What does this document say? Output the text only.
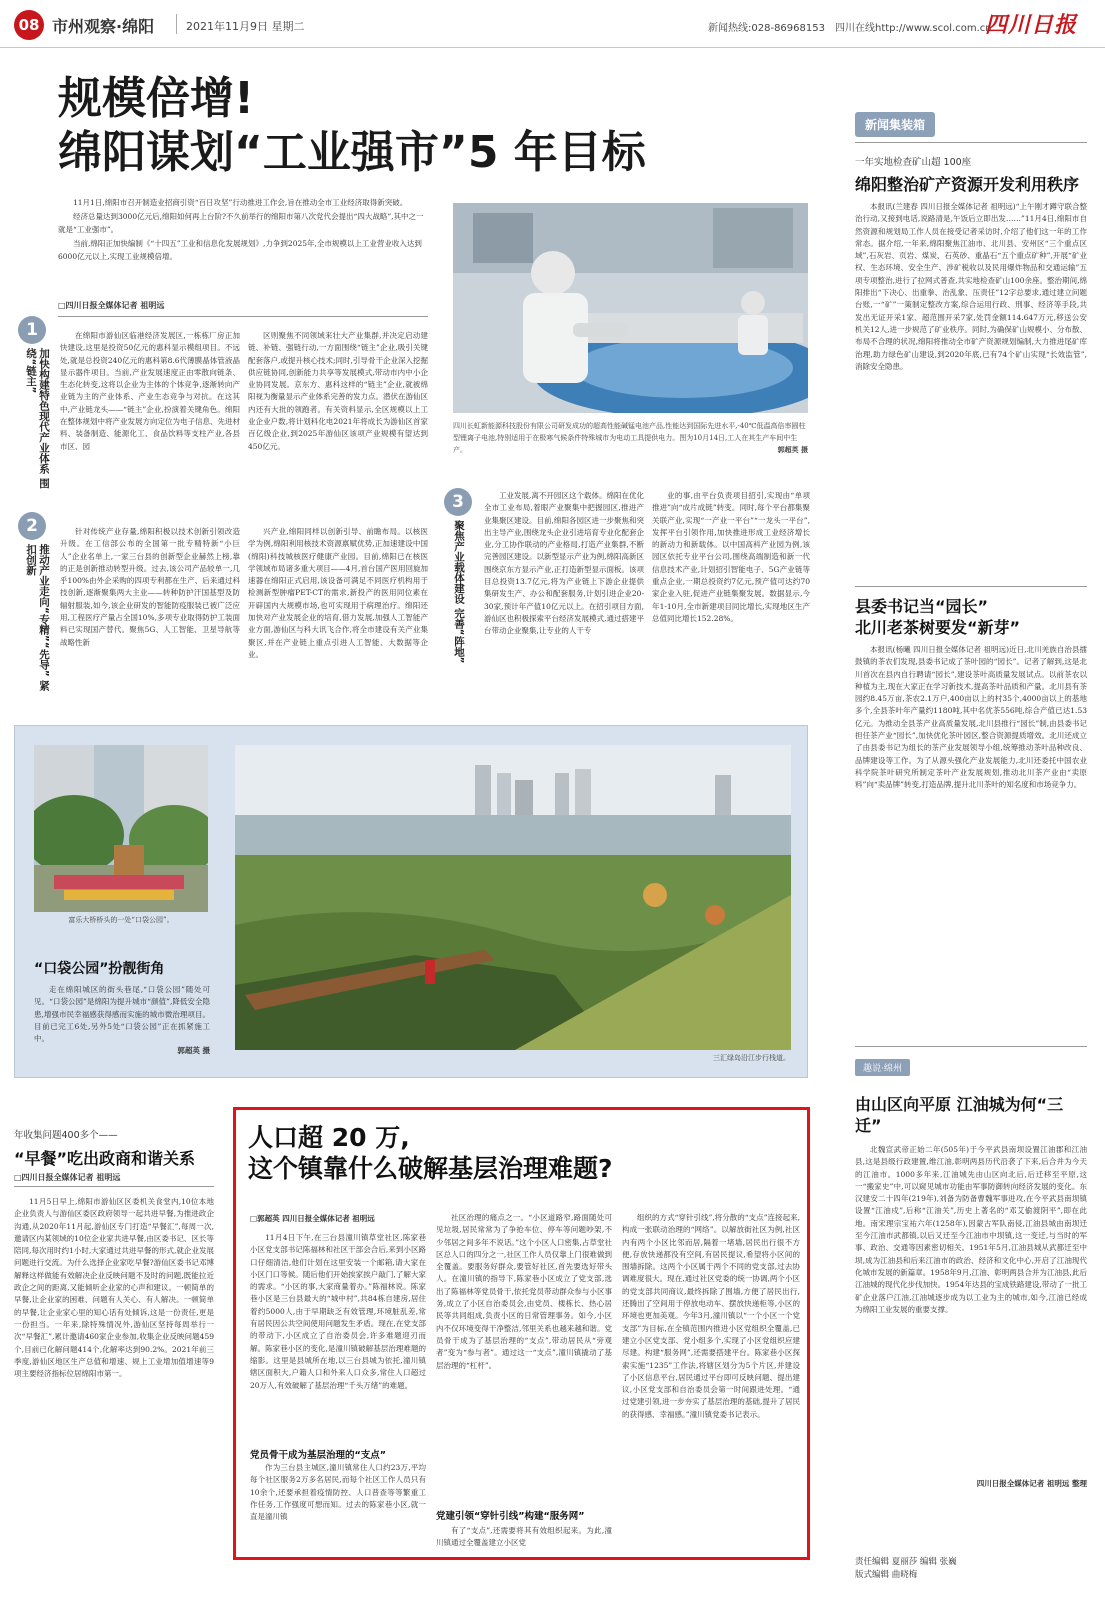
08 市州观察·绵阳	2021年11月9日 星期二	新闻热线:028-86968153 四川在线http://www.scol.com.cn
四川日报
规模倍增!
绵阳谋划“工业强市”5 年目标

11月1日,绵阳市召开制造业招商引资“百日攻坚”行动推进工作会,旨在推动全市工业经济取得新突破。

经济总量达到3000亿元后,绵阳如何再上台阶?不久前举行的绵阳市第八次党代会提出“四大战略”,其中之一就是“工业强市”。

当前,绵阳正加快编制《“十四五”工业和信息化发展规划》,力争到2025年,全市规模以上工业营业收入达到6000亿元以上,实现工业规模倍增。

□四川日报全媒体记者 祖明远
四川长虹新能源科技股份有限公司研发成功的超高性能碱锰电池产品,性能达到国际先进水平,-40℃低温高倍率圆柱型锂离子电池,特别适用于在极寒气候条件特殊城市为电动工具提供电力。图为10月14日,工人在其生产车间中生产。	郭超英 摄
1
加快构建特色现代产业体系 围绕“链主”

在绵阳市游仙区临港经济发展区,一栋栋厂房正加快建设,这里是投资50亿元的惠科显示模组项目。不远处,就是总投资240亿元的惠科第8.6代薄膜晶体管液晶显示器件项目。当前,产业发展速度正由零散向链条、生态化转变,这将以企业为主体的个体竞争,逐渐转向产业链为主的产业体系、产业生态竞争与对抗。在这其中,产业链龙头——“链主”企业,扮演着关键角色。绵阳在整体规划中将产业发展方向定位为电子信息、先进材料、装备制造、能源化工、食品饮料等支柱产业,各县市区、园

区则聚焦不同领域来壮大产业集群,并决定启动建链、补链、强链行动,一方面围绕“链主”企业,吸引关键配套落户,或提升核心技术;同时,引导骨干企业深入挖掘供应链协同,创新能力共享等发展模式,带动市内中小企业协同发展。京东方、惠科这样的“链主”企业,就被绵阳视为衡量显示产业体系完善的发力点。潜伏在游仙区内还有大批的领跑者。有关资料显示,全区规模以上工业企业户数,将计划科化电2021年将成长为游仙区首家百亿级企业,到2025年游仙区该项产业规模有望达到450亿元。

2
推动产业走向“专精”“先导” 紧扣创新

针对传统产业存量,绵阳积极以技术创新引领改造升级。在工信部公布的全国第一批专精特新“小巨人”企业名单上,一家三台县的创新型企业赫然上榜,靠的正是创新推动转型升级。过去,该公司产品较单一,几乎100%由外企采购的四项专利都在生产、后来通过科技创新,逐渐聚集两大主业——转种防护汗国基型及防辐射服装,如今,该企业研发的智能防疫服装已被广泛应用,工程医疗产量占全国10%,多项专业取得防护工装面料已实现国产替代。聚焦5G、人工智能、卫星导航等战略性新

兴产业,绵阳同样以创新引导、前瞻布局。以核医学为例,绵阳利用核技术资源禀赋优势,正加速建设中国(绵阳)科技城核医疗健康产业园。目前,绵阳已在核医学领域布局诸多重大项目——4月,首台国产医用回旋加速器在绵阳正式启用,该设备可满足不同医疗机构用于检测新型肿瘤PET-CT的需求,新投产的医用同位素在开辟国内大规模市场,也可实现用于病理治疗。绵阳还加快对产业发展企业的培育,借力发展,加强人工智能产业方面,游仙区与科大讯飞合作,将全市建设有关产业集聚区,并在产业链上重点引进人工智能、大数据等企业。

3
聚焦产业载体建设 完善“阵地”

工业发展,离不开园区这个载体。绵阳在优化全市工业布局,着眼产业聚集中把握园区,推进产业集聚区建设。目前,绵阳各园区进一步聚焦和突出主导产业,围绕龙头企业引进培育专业化配套企业,分工协作联动的产业格局,打造产业集群,不断完善园区建设。以新型显示产业为例,绵阳高新区围绕京东方显示产业,正打造新型显示面板。该项目总投资13.7亿元,将为产业链上下游企业提供集研发生产、办公和配套服务,计划引进企业20-30家,预计年产值10亿元以上。在招引项目方面,游仙区也积极探索平台经济发展模式,通过搭建平台带动企业聚集,让专业的人干专

业的事,由平台负责项目招引,实现由“单项推进”向“成片成链”转变。同时,每个平台都集聚关联产业,实现“一产业一平台”“一龙头一平台”,发挥平台引领作用,加快推进形成工业经济增长的新动力和新载体。以中国高科产业园为例,该园区依托专业平台公司,围绕高端制造和新一代信息技术产业,计划招引智能电子、5G产业链等重点企业,一期总投资约7亿元,预产值可达约70家企业入驻,促进产业链集聚发展。数据显示,今年1-10月,全市新建项目同比增长,实现地区生产总值同比增长152.28%。

富乐大桥桥头的一处“口袋公园”。
“口袋公园”扮靓街角

走在绵阳城区的街头巷尾,“口袋公园”随处可见。“口袋公园”是绵阳为提升城市“颜值”,降低安全隐患,增强市民幸福感获得感而实施的城市微治理项目。目前已完工6处,另外5处“口袋公园”正在抓紧施工中。

郭超英 摄
三汇绿岛沿江步行栈道。
年收集问题400多个——
“早餐”吃出政商和谐关系
□四川日报全媒体记者 祖明远

11月5日早上,绵阳市游仙区区委机关食堂内,10位本地企业负责人与游仙区委区政府领导一起共进早餐,为推进政企沟通,从2020年11月起,游仙区专门打造“早餐汇”,每周一次,邀请区内某领域的10位企业家共进早餐,由区委书记、区长等陪同,每次用时约1小时,大家通过共进早餐的形式,就企业发展问题进行交流。为什么选择企业家吃早餐?游仙区委书记邓博解释这样做能有效解决企业反映问题不及时的问题,既能拉近政企之间的距离,又能倾听企业家的心声和建议。一顿简单的早餐,让企业家的困难、问题有人关心、有人解决。一顿简单的早餐,让企业家心里的知心话有处倾诉,这是一份责任,更是一份担当。一年来,除特殊情况外,游仙区坚持每周举行一次“早餐汇”,累计邀请460家企业参加,收集企业反映问题459个,目前已化解问题414个,化解率达到90.2%。2021年前三季度,游仙区地区生产总值和增速、规上工业增加值增速等9项主要经济指标位居绵阳市第一。

人口超 20 万,
这个镇靠什么破解基层治理难题?
□郭超英 四川日报全媒体记者 祖明远

11月4日下午,在三台县潼川镇草堂社区,陈家巷小区党支部书记陈福林和社区干部会合后,来到小区路口仔细清洁,他们计划在这里安装一个邮箱,请大家在小区门口等候。随后他们开始挨家挨户敲门,了解大家的需求。“小区的事,大家商量着办。”陈福林说。陈家巷小区是三台县最大的“城中村”,共84栋自建房,居住着约5000人,由于早期缺乏有效管理,环境脏乱差,常有居民因公共空间使用问题发生矛盾。现在,在党支部的带动下,小区成立了自治委员会,许多难题迎刃而解。陈家巷小区的变化,是潼川镇破解基层治理难题的缩影。这里是县城所在地,以三台县城为依托,潼川镇辖区面积大,户籍人口和外来人口众多,常住人口超过20万人,有效破解了基层治理“千头万绪”的难题。

党员骨干成为基层治理的“支点”

作为三台县主城区,潼川镇常住人口约23万,平均每个社区服务2万多名居民,而每个社区工作人员只有10余个,还要承担着疫情防控、人口普查等等繁重工作任务,工作强度可想而知。过去的陈家巷小区,就一直是潼川镇

社区治理的痛点之一。“小区道路窄,路面随处可见垃圾,居民常常为了争抢车位、停车等问题吵架,不少邻居之间多年不说话。”这个小区人口密集,占草堂社区总人口的四分之一,社区工作人员仅靠上门很难做到全覆盖。要服务好群众,要管好社区,首先要选好带头人。在潼川镇的指导下,陈家巷小区成立了党支部,选出了陈福林等党员骨干,依托党员带动群众参与小区事务,成立了小区自治委员会,由党员、楼栋长、热心居民等共同组成,负责小区的日常管理事务。如今,小区内不仅环境变得干净整洁,邻里关系也越来越和谐。党员骨干成为了基层治理的“支点”,带动居民从“旁观者”变为“参与者”。通过这一“支点”,潼川镇撬动了基层治理的“杠杆”。

党建引领“穿针引线”构建“服务网”

有了“支点”,还需要将其有效组织起来。为此,潼川镇通过全覆盖建立小区党

组织的方式“穿针引线”,将分散的“支点”连接起来,构成一张联动治理的“网络”。以解放街社区为例,社区内有两个小区比邻而居,隔着一堵墙,居民出行很不方便,存放快递都没有空间,有居民提议,希望将小区间的围墙拆除。这两个小区属于两个不同的党支部,过去协调难度很大。现在,通过社区党委的统一协调,两个小区的党支部共同商议,最终拆除了围墙,方便了居民出行,还腾出了空间用于停放电动车、摆放快递柜等,小区的环境也更加美观。今年3月,潼川镇以“一个小区一个党支部”为目标,在全镇范围内推进小区党组织全覆盖,已建立小区党支部、党小组多个,实现了小区党组织应建尽建。构建“服务网”,还需要搭建平台。陈家巷小区探索实施“1235”工作法,将辖区划分为5个片区,并建设了小区信息平台,居民通过平台即可反映问题、提出建议,小区党支部和自治委员会第一时间跟进处理。“通过党建引领,进一步夯实了基层治理的基础,提升了居民的获得感、幸福感。”潼川镇党委书记表示。

新闻集装箱
一年实地检查矿山超 100座
绵阳整治矿产资源开发利用秩序

本报讯(兰建春 四川日报全媒体记者 祖明远)“上午刚才蹲守联合整治行动,又接到电话,说路清是,午饭后立即出发……”11月4日,绵阳市自然资源和规划局工作人员在接受记者采访时,介绍了他们这一年的工作常态。据介绍,一年来,绵阳聚焦江油市、北川县、安州区“三个重点区域”,石灰岩、页岩、煤炭、石英砂、重晶石“五个重点矿种”,开展“矿业权、生态环境、安全生产、涉矿税收以及民用爆炸物品和交通运输”五项专项整治,进行了拉网式普查,共实地检查矿山100余座。整治期间,绵阳排出“下决心、出重拳、治乱象、压责任”12字总要求,通过建立问题台账,一“矿”一策制定整改方案,综合运用行政、刑事、经济等手段,共发出无证开采1家、超范围开采7家,处罚金额114.647万元,移送公安机关12人,进一步规范了矿业秩序。同时,为确保矿山规模小、分布散、布局不合理的状况,绵阳将推动全市矿产资源规划编制,大力推进尾矿库治理,助力绿色矿山建设,到2020年底,已有74个矿山实现“长效监管”,消除安全隐患。

县委书记当“园长”
北川老茶树要发“新芽”

本报讯(杨曦 四川日报全媒体记者 祖明远)近日,北川羌族自治县擂鼓镇的茶农们发现,县委书记成了茶叶园的“园长”。记者了解到,这是北川首次在县内自行聘请“园长”,建设茶叶高质量发展试点。以前茶农以种植为主,现在大家正在学习新技术,提高茶叶品质和产量。北川县有茶园约8.45万亩,茶农2.1万户,400亩以上的村35个,4000亩以上的基地多个,全县茶叶年产量约1180吨,其中名优茶556吨,综合产值已达1.53亿元。为推动全县茶产业高质量发展,北川县推行“园长”制,由县委书记担任茶产业“园长”,加快优化茶叶园区,整合资源提质增效。北川还成立了由县委书记为组长的茶产业发展领导小组,统筹推动茶叶品种改良、品牌建设等工作。为了从源头强化产业发展能力,北川还委托中国农业科学院茶叶研究所制定茶叶产业发展规划,推动北川茶产业由“卖原料”向“卖品牌”转变,打造品牌,提升北川茶叶的知名度和市场竞争力。

趣说·绵州
由山区向平原 江油城为何“三迁”

北魏宣武帝正始二年(505年)于今平武县南坝设置江油郡和江油县,这是县级行政建置,维江油,彰明两县历代沿袭了下来,后合并为今天的江油市。1000多年来,江油城先由山区向北后,后迁移至平原,这一“搬家史”中,可以窥见城市功能由军事防御转向经济发展的变化。东汉建安二十四年(219年),刘备为防备曹魏军事进攻,在今平武县南坝镇设置“江油戍”,后称“江油关”,历史上著名的“邓艾偷渡阴平”,即在此地。南宋理宗宝祐六年(1258年),因蒙古军队南侵,江油县城由南坝迁至今江油市武都镇,以后又迁至今江油市中坝镇,这一变迁,与当时的军事、政治、交通等因素密切相关。1951年5月,江油县城从武都迁至中坝,成为江油县和后来江油市的政治、经济和文化中心,开启了江油现代化城市发展的新篇章。1958年9月,江油、彰明两县合并为江油县,此后江油城的现代化步伐加快。1954年达县的宝成铁路建设,带动了一批工矿企业落户江油,江油城逐步成为以工业为主的城市,如今,江油已经成为绵阳工业发展的重要支撑。

四川日报全媒体记者 祖明远 整理
责任编辑 夏丽莎 编辑 张巍
版式编辑 曲晓梅
